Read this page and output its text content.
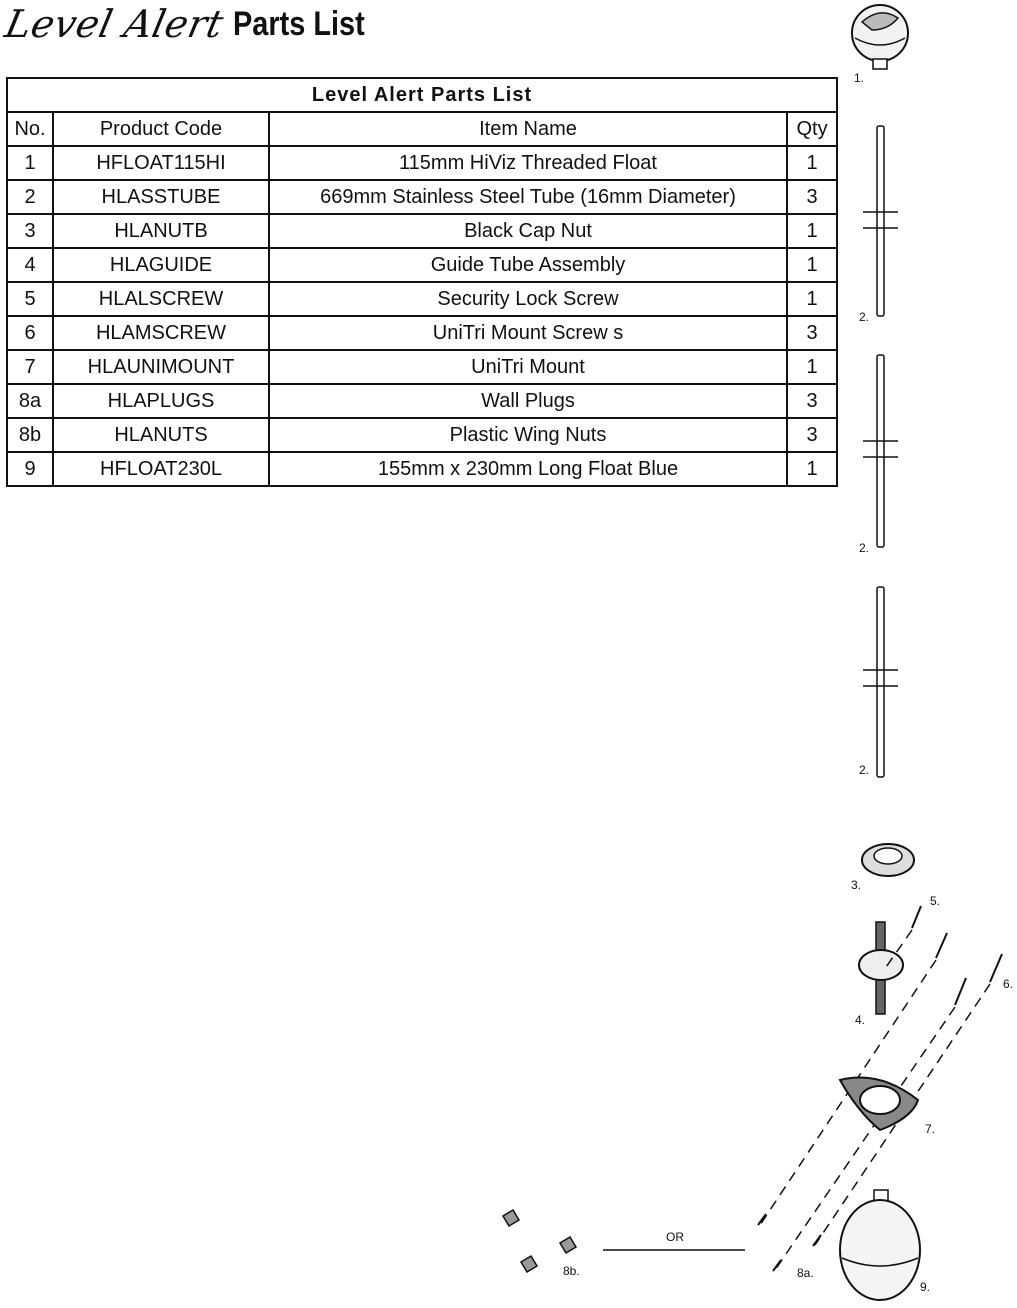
Level Alert Parts List
Level Alert Parts List			
No.	Product Code	Item Name	Qty
1	HFLOAT115HI	115mm HiViz Threaded Float	1
2	HLASSTUBE	669mm Stainless Steel Tube (16mm Diameter)	3
3	HLANUTB	Black Cap Nut	1
4	HLAGUIDE	Guide Tube Assembly	1
5	HLALSCREW	Security Lock Screw	1
6	HLAMSCREW	UniTri Mount Screw s	3
7	HLAUNIMOUNT	UniTri Mount	1
8a	HLAPLUGS	Wall Plugs	3
8b	HLANUTS	Plastic Wing Nuts	3
9	HFLOAT230L	155mm x 230mm Long Float Blue	1
1.
2.
2.
2.
3.
4.
5.
6.
7.
8a.
8b.
OR
9.
